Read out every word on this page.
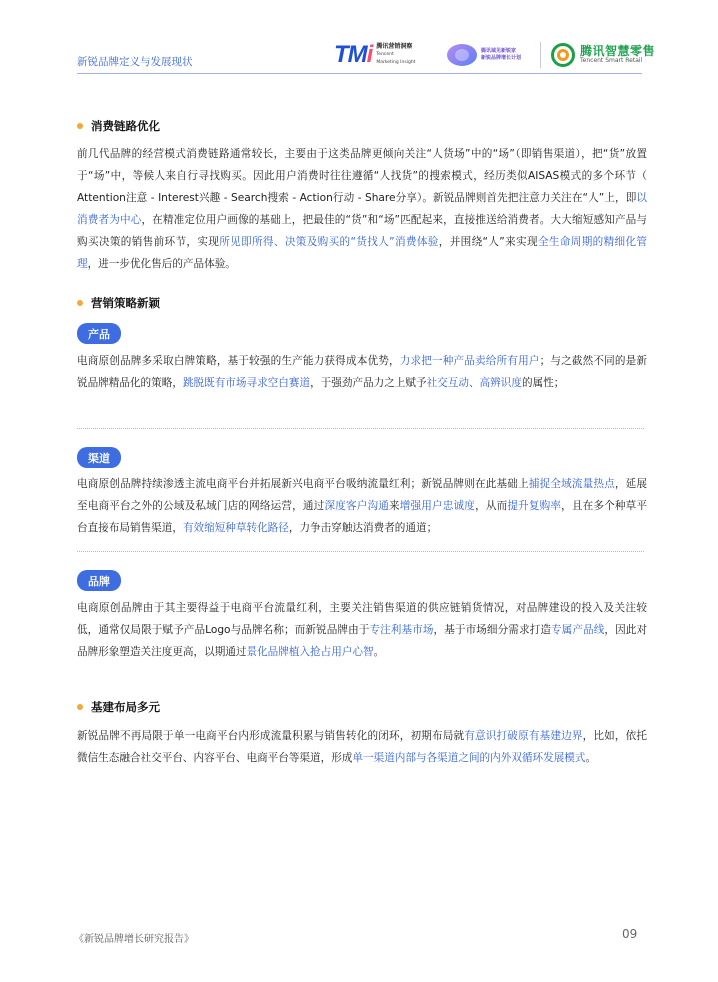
新锐品牌定义与发展现状	TMi 腾讯营销洞察
Tencent
Marketing Insight
腾讯域见新锐家
新锐品牌增长计划	腾讯智慧零售
Tencent Smart Retail
消费链路优化

前几代品牌的经营模式消费链路通常较长，主要由于这类品牌更倾向关注“人货场”中的“场”（即销售渠道），把“货”放置于“场”中，等候人来自行寻找购买。因此用户消费时往往遵循“人找货”的搜索模式，经历类似AISAS模式的多个环节（ Attention注意 - Interest兴趣 - Search搜索 - Action行动 - Share分享）。新锐品牌则首先把注意力关注在“人”上，即以消费者为中心，在精准定位用户画像的基础上，把最佳的“货”和“场”匹配起来，直接推送给消费者。大大缩短感知产品与购买决策的销售前环节，实现所见即所得、决策及购买的“货找人”消费体验，并围绕“人”来实现全生命周期的精细化管理，进一步优化售后的产品体验。

营销策略新颖
产品

电商原创品牌多采取白牌策略，基于较强的生产能力获得成本优势，力求把一种产品卖给所有用户；与之截然不同的是新锐品牌精品化的策略，跳脱既有市场寻求空白赛道，于强劲产品力之上赋予社交互动、高辨识度的属性；

渠道

电商原创品牌持续渗透主流电商平台并拓展新兴电商平台吸纳流量红利；新锐品牌则在此基础上捕捉全域流量热点，延展至电商平台之外的公域及私域门店的网络运营，通过深度客户沟通来增强用户忠诚度，从而提升复购率，且在多个种草平台直接布局销售渠道，有效缩短种草转化路径，力争击穿触达消费者的通道；

品牌

电商原创品牌由于其主要得益于电商平台流量红利，主要关注销售渠道的供应链销货情况，对品牌建设的投入及关注较低，通常仅局限于赋予产品Logo与品牌名称；而新锐品牌由于专注利基市场，基于市场细分需求打造专属产品线，因此对品牌形象塑造关注度更高，以期通过景化品牌植入抢占用户心智。

基建布局多元

新锐品牌不再局限于单一电商平台内形成流量积累与销售转化的闭环，初期布局就有意识打破原有基建边界，比如，依托微信生态融合社交平台、内容平台、电商平台等渠道，形成单一渠道内部与各渠道之间的内外双循环发展模式。

《新锐品牌增长研究报告》	09
